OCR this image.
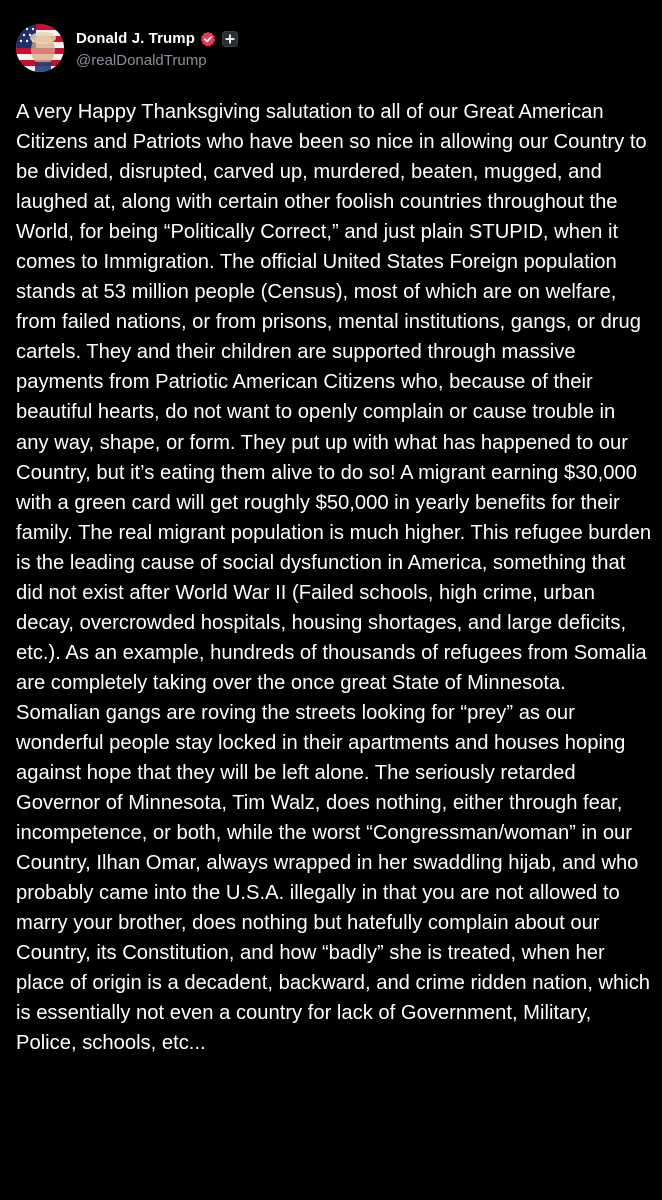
Donald J. Trump
@realDonaldTrump

A very Happy Thanksgiving salutation to all of our Great American Citizens and Patriots who have been so nice in allowing our Country to be divided, disrupted, carved up, murdered, beaten, mugged, and laughed at, along with certain other foolish countries throughout the World, for being “Politically Correct,” and just plain STUPID, when it comes to Immigration. The official United States Foreign population stands at 53 million people (Census), most of which are on welfare, from failed nations, or from prisons, mental institutions, gangs, or drug cartels. They and their children are supported through massive payments from Patriotic American Citizens who, because of their beautiful hearts, do not want to openly complain or cause trouble in any way, shape, or form. They put up with what has happened to our Country, but it’s eating them alive to do so! A migrant earning $30,000 with a green card will get roughly $50,000 in yearly benefits for their family. The real migrant population is much higher. This refugee burden is the leading cause of social dysfunction in America, something that did not exist after World War II (Failed schools, high crime, urban decay, overcrowded hospitals, housing shortages, and large deficits, etc.). As an example, hundreds of thousands of refugees from Somalia are completely taking over the once great State of Minnesota. Somalian gangs are roving the streets looking for “prey” as our wonderful people stay locked in their apartments and houses hoping against hope that they will be left alone. The seriously retarded Governor of Minnesota, Tim Walz, does nothing, either through fear, incompetence, or both, while the worst “Congressman/woman” in our Country, Ilhan Omar, always wrapped in her swaddling hijab, and who probably came into the U.S.A. illegally in that you are not allowed to marry your brother, does nothing but hatefully complain about our Country, its Constitution, and how “badly” she is treated, when her place of origin is a decadent, backward, and crime ridden nation, which is essentially not even a country for lack of Government, Military, Police, schools, etc...
